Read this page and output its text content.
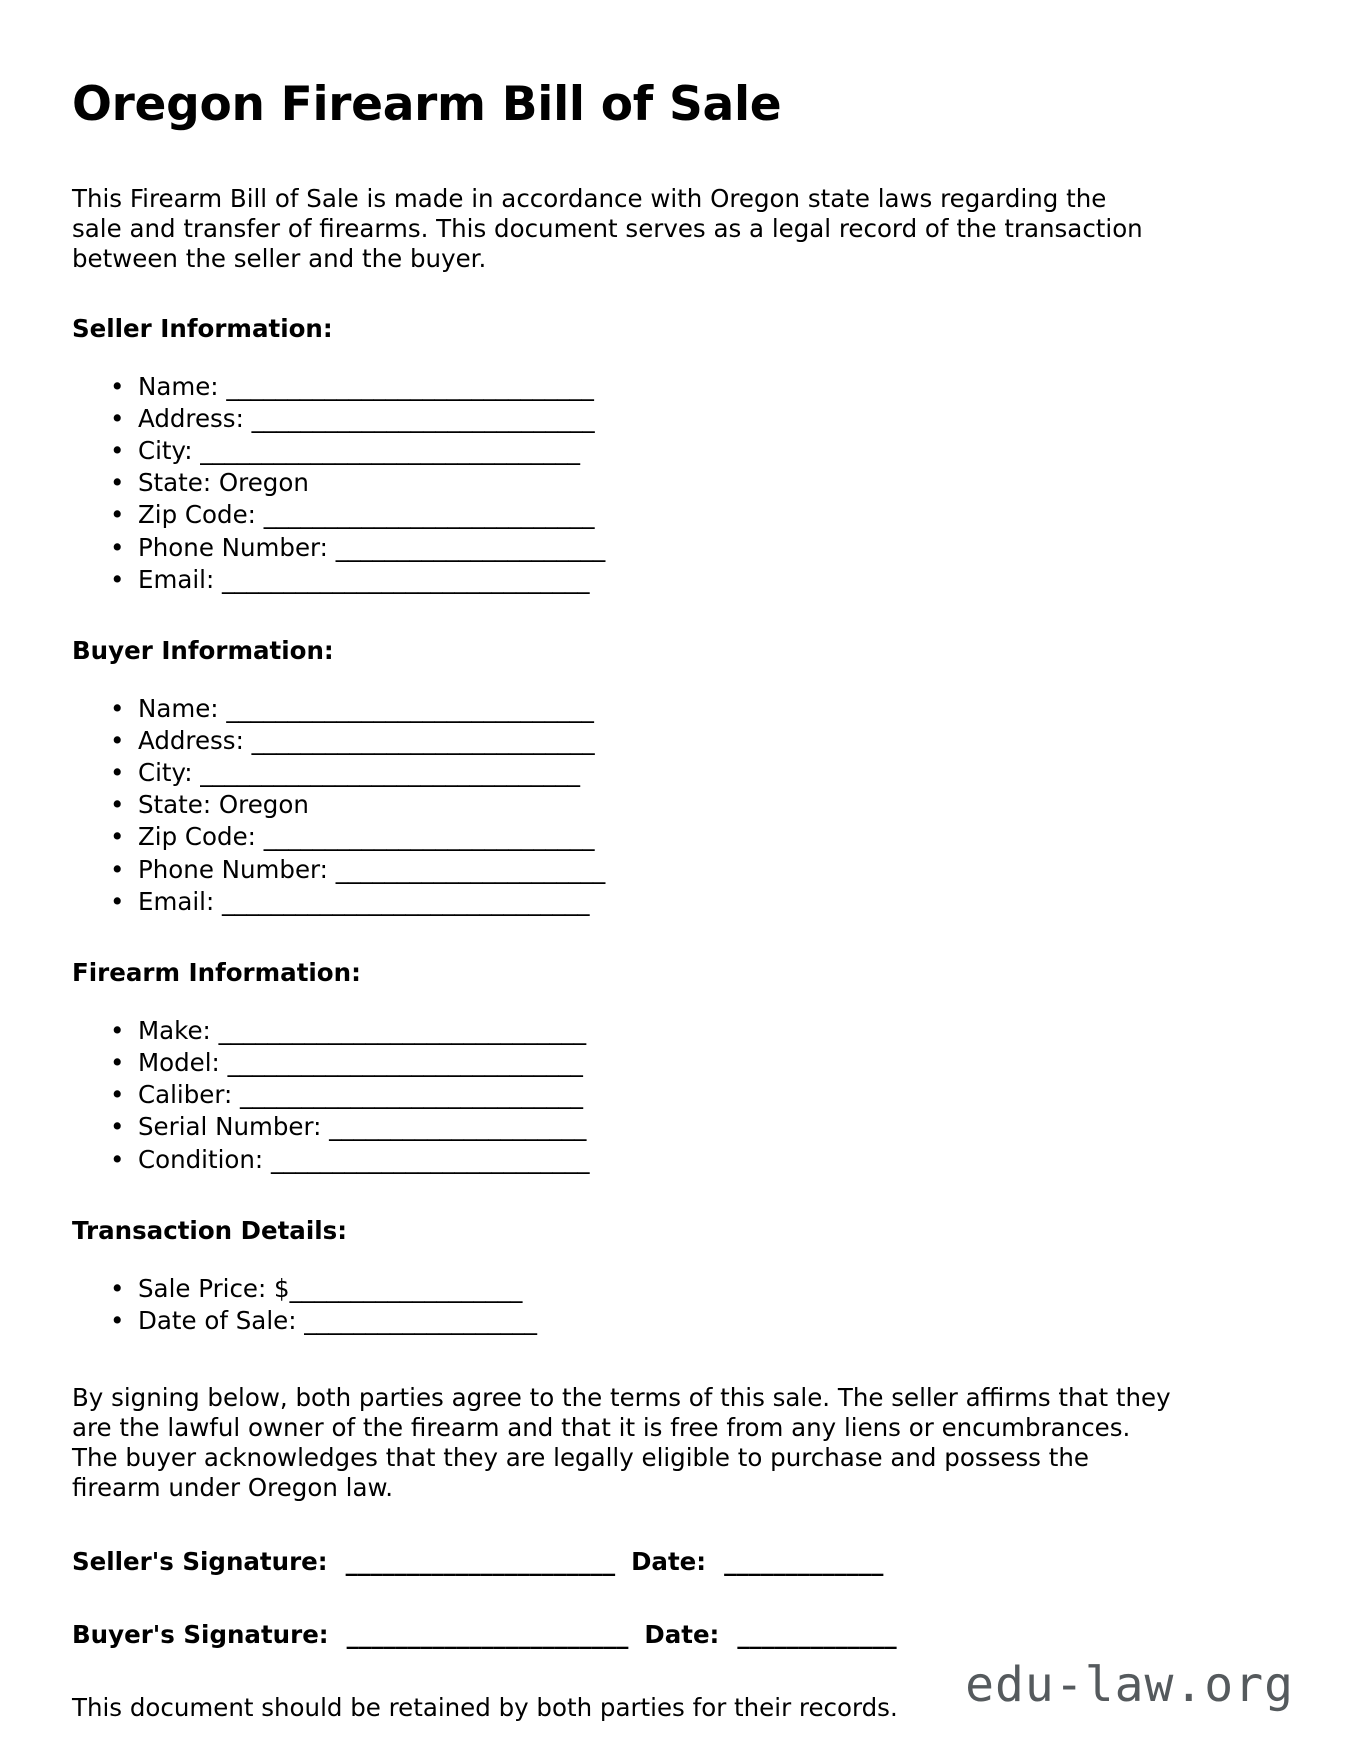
Oregon Firearm Bill of Sale

This Firearm Bill of Sale is made in accordance with Oregon state laws regarding the sale and transfer of firearms. This document serves as a legal record of the transaction between the seller and the buyer.

Seller Information:
• Name: ______________________________
• Address: ____________________________
• City: _______________________________
• State: Oregon
• Zip Code: ___________________________
• Phone Number: ______________________
• Email: ______________________________
Buyer Information:
• Name: ______________________________
• Address: ____________________________
• City: _______________________________
• State: Oregon
• Zip Code: ___________________________
• Phone Number: ______________________
• Email: ______________________________
Firearm Information:
• Make: ______________________________
• Model: _____________________________
• Caliber: ____________________________
• Serial Number: _____________________
• Condition: __________________________
Transaction Details:
• Sale Price: $___________________
• Date of Sale: ___________________

By signing below, both parties agree to the terms of this sale. The seller affirms that they are the lawful owner of the firearm and that it is free from any liens or encumbrances. The buyer acknowledges that they are legally eligible to purchase and possess the firearm under Oregon law.

Seller's Signature: ______________________ Date: _____________
Buyer's Signature: _______________________ Date: _____________

This document should be retained by both parties for their records.	edu-law.org
